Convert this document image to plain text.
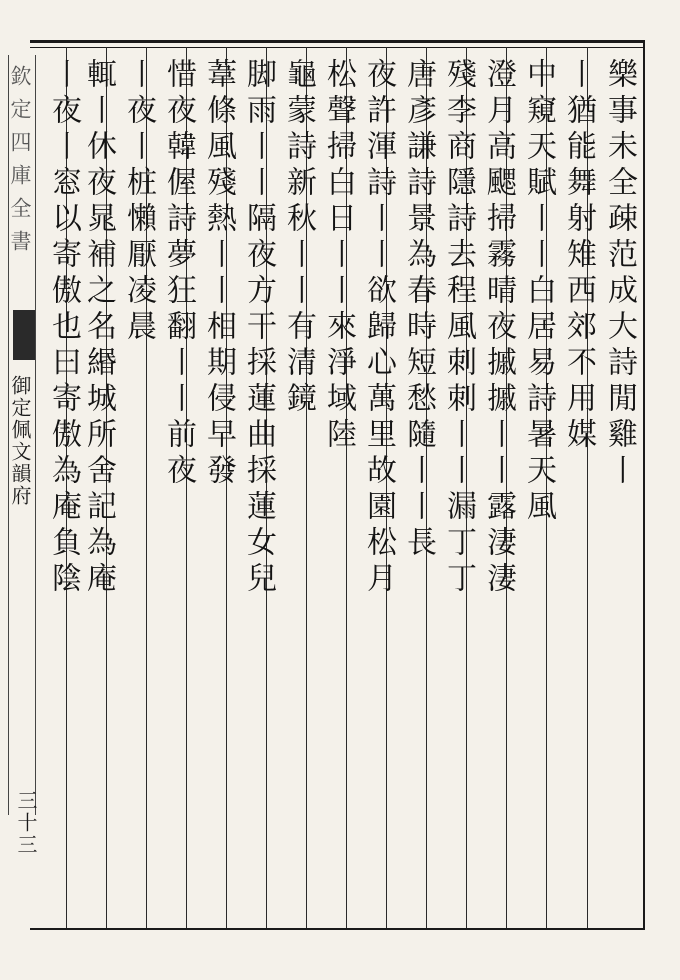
欽定四庫全書
御定佩文韻府
三十三
樂事未全疎范成大詩閒雞丨
丨猶能舞射雉西郊不用媒
中窺天賦丨丨白居易詩暑天風
澄月高颸掃霧晴夜摵摵丨丨露淒淒
殘李商隱詩去程風刺刺丨丨漏丁丁
唐彥謙詩景為春時短愁隨丨丨長
夜許渾詩丨丨欲歸心萬里故園松月
松聲掃白日丨丨來淨域陸
龜蒙詩新秋丨丨有清鏡
脚雨丨丨隔夜方干採蓮曲採蓮女兒
葦條風殘熱丨丨相期侵早發
惜夜韓偓詩夢狂翻丨丨前夜
丨夜丨桩懶厭凌晨
輒丨休夜晁補之名緡城所舍記為庵
丨夜丨窓以寄傲也曰寄傲為庵負陰
